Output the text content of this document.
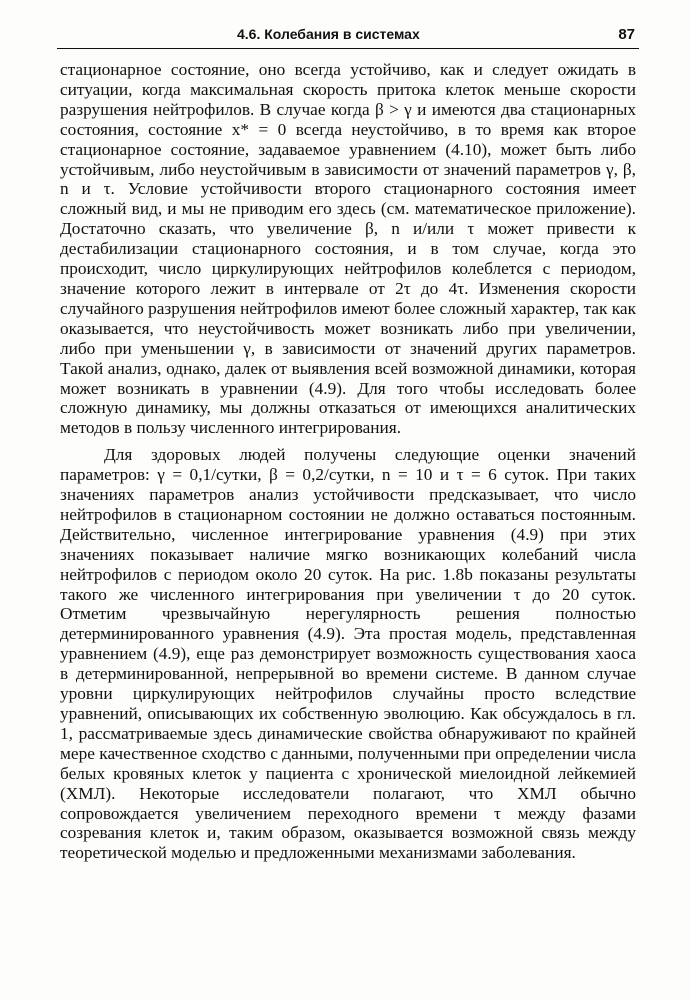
4.6. Колебания в системах	87

стационарное состояние, оно всегда устойчиво, как и следует ожидать в ситуации, когда максимальная скорость притока клеток меньше скорости разрушения нейтрофилов. В случае когда β > γ и имеются два стационарных состояния, состояние x* = 0 всегда неустойчиво, в то время как второе стационарное состояние, задаваемое уравнением (4.10), может быть либо устойчивым, либо неустойчивым в зависимости от значений параметров γ, β, n и τ. Условие устойчивости второго стационарного состояния имеет сложный вид, и мы не приводим его здесь (см. математическое приложение). Достаточно сказать, что увеличение β, n и/или τ может привести к дестабилизации стационарного состояния, и в том случае, когда это происходит, число циркулирующих нейтрофилов колеблется с периодом, значение которого лежит в интервале от 2τ до 4τ. Изменения скорости случайного разрушения нейтрофилов имеют более сложный характер, так как оказывается, что неустойчивость может возникать либо при увеличении, либо при уменьшении γ, в зависимости от значений других параметров. Такой анализ, однако, далек от выявления всей возможной динамики, которая может возникать в уравнении (4.9). Для того чтобы исследовать более сложную динамику, мы должны отказаться от имеющихся аналитических методов в пользу численного интегрирования.

Для здоровых людей получены следующие оценки значений параметров: γ = 0,1/сутки, β = 0,2/сутки, n = 10 и τ = 6 суток. При таких значениях параметров анализ устойчивости предсказывает, что число нейтрофилов в стационарном состоянии не должно оставаться постоянным. Действительно, численное интегрирование уравнения (4.9) при этих значениях показывает наличие мягко возникающих колебаний числа нейтрофилов с периодом около 20 суток. На рис. 1.8b показаны результаты такого же численного интегрирования при увеличении τ до 20 суток. Отметим чрезвычайную нерегулярность решения полностью детерминированного уравнения (4.9). Эта простая модель, представленная уравнением (4.9), еще раз демонстрирует возможность существования хаоса в детерминированной, непрерывной во времени системе. В данном случае уровни циркулирующих нейтрофилов случайны просто вследствие уравнений, описывающих их собственную эволюцию. Как обсуждалось в гл. 1, рассматриваемые здесь динамические свойства обнаруживают по крайней мере качественное сходство с данными, полученными при определении числа белых кровяных клеток у пациента с хронической миелоидной лейкемией (ХМЛ). Некоторые исследователи полагают, что ХМЛ обычно сопровождается увеличением переходного времени τ между фазами созревания клеток и, таким образом, оказывается возможной связь между теоретической моделью и предложенными механизмами заболевания.
